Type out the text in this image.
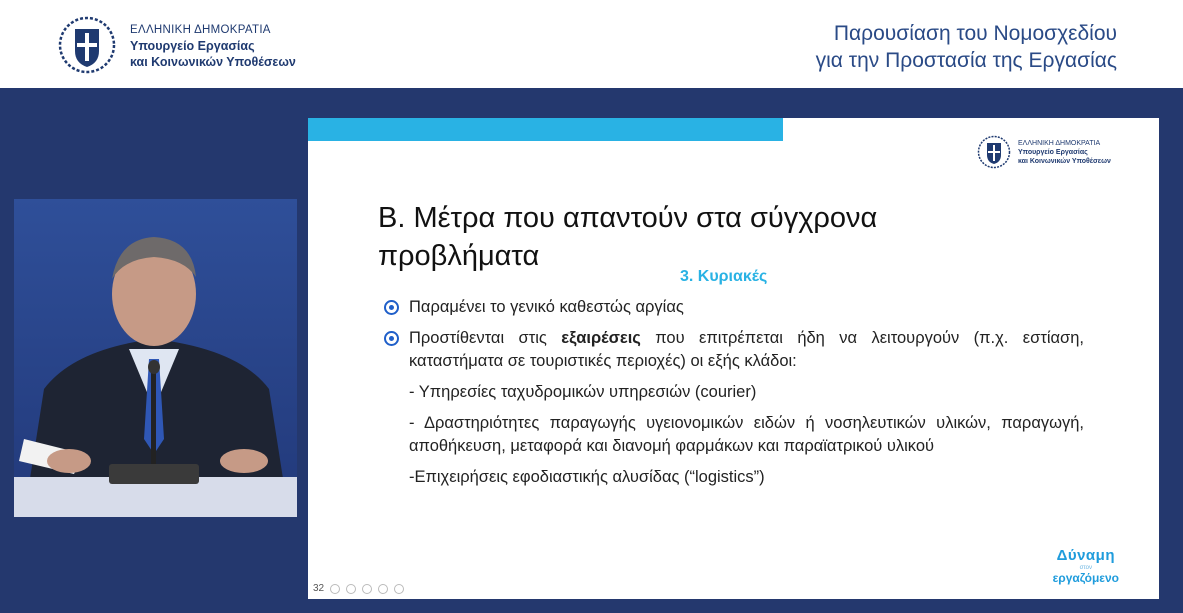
ΕΛΛΗΝΙΚΗ ΔΗΜΟΚΡΑΤΙΑ
Υπουργείο Εργασίας
και Κοινωνικών Υποθέσεων
Παρουσίαση του Νομοσχεδίου
για την Προστασία της Εργασίας
ΕΛΛΗΝΙΚΗ ΔΗΜΟΚΡΑΤΙΑ
Υπουργείο Εργασίας
και Κοινωνικών Υποθέσεων
Β. Μέτρα που απαντούν στα σύγχρονα προβλήματα
3. Κυριακές
Παραμένει το γενικό καθεστώς αργίας
Προστίθενται στις εξαιρέσεις που επιτρέπεται ήδη να λειτουργούν (π.χ. εστίαση, καταστήματα σε τουριστικές περιοχές) οι εξής κλάδοι:
- Υπηρεσίες ταχυδρομικών υπηρεσιών (courier)
- Δραστηριότητες παραγωγής υγειονομικών ειδών ή νοσηλευτικών υλικών, παραγωγή, αποθήκευση, μεταφορά και διανομή φαρμάκων και παραϊατρικού υλικού
-Επιχειρήσεις εφοδιαστικής αλυσίδας (“logistics”)
32
Δύναμη
στον
εργαζόμενο
